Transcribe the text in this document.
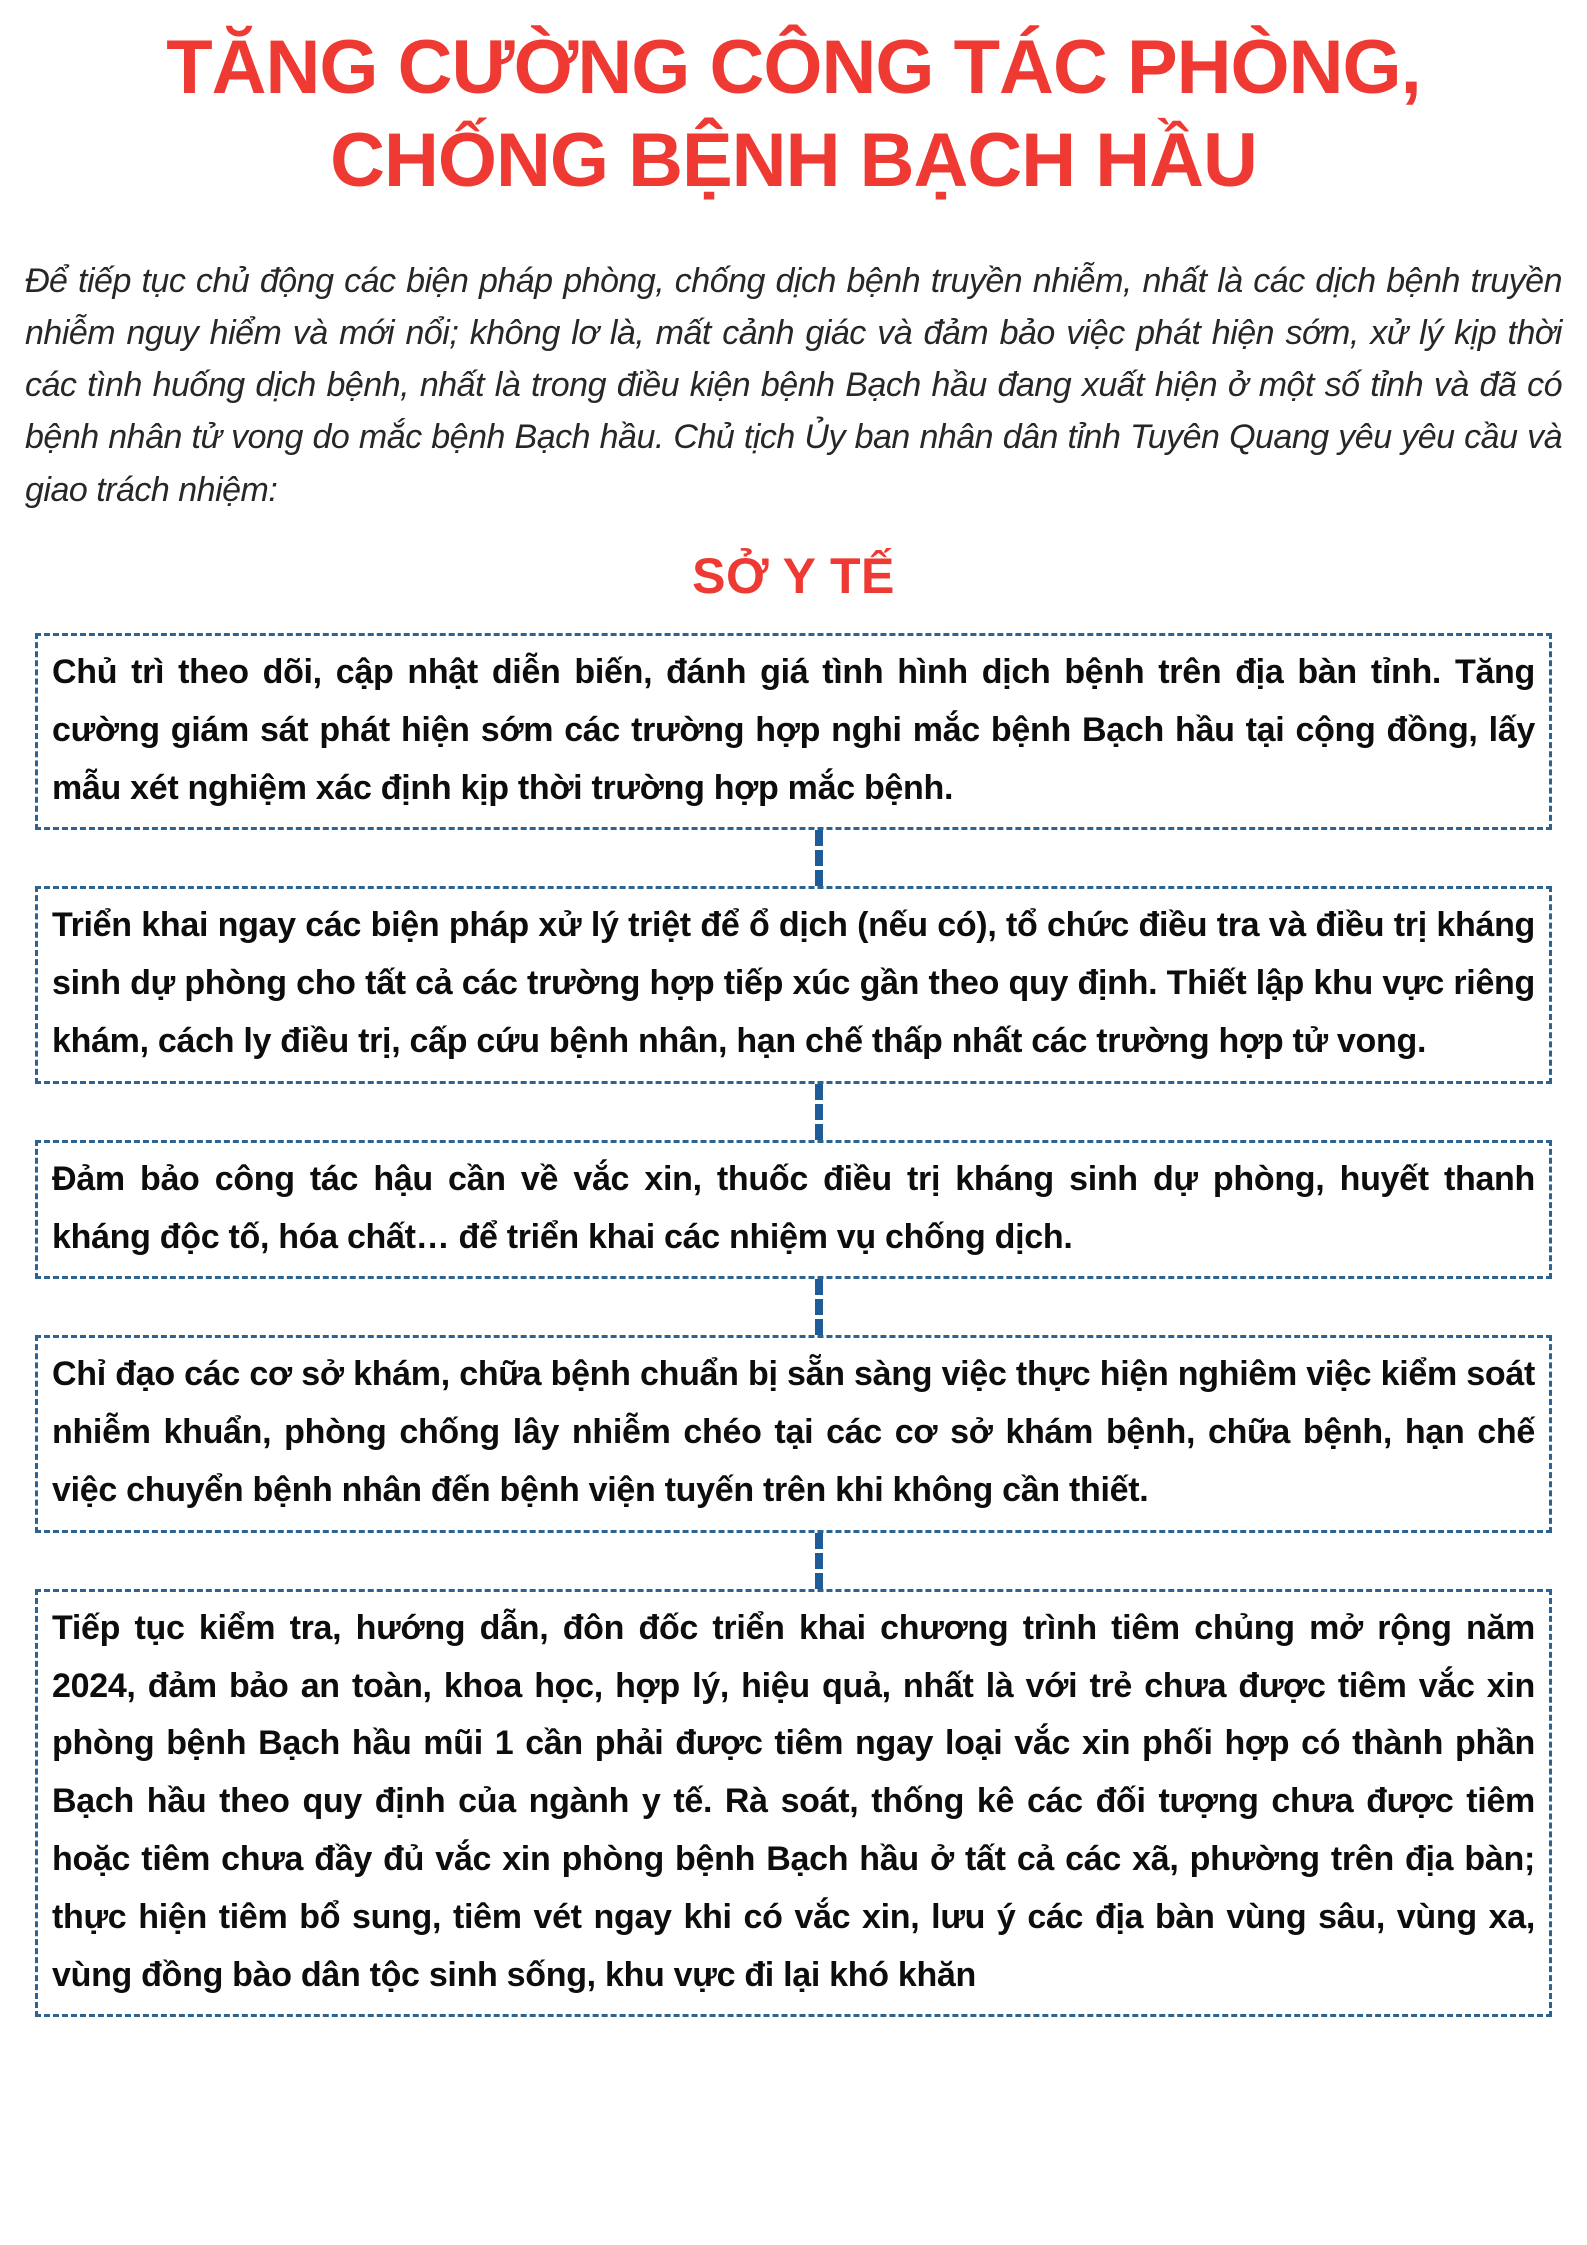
TĂNG CƯỜNG CÔNG TÁC PHÒNG, CHỐNG BỆNH BẠCH HẦU

Để tiếp tục chủ động các biện pháp phòng, chống dịch bệnh truyền nhiễm, nhất là các dịch bệnh truyền nhiễm nguy hiểm và mới nổi; không lơ là, mất cảnh giác và đảm bảo việc phát hiện sớm, xử lý kịp thời các tình huống dịch bệnh, nhất là trong điều kiện bệnh Bạch hầu đang xuất hiện ở một số tỉnh và đã có bệnh nhân tử vong do mắc bệnh Bạch hầu. Chủ tịch Ủy ban nhân dân tỉnh Tuyên Quang yêu yêu cầu và giao trách nhiệm:

SỞ Y TẾ
Chủ trì theo dõi, cập nhật diễn biến, đánh giá tình hình dịch bệnh trên địa bàn tỉnh. Tăng cường giám sát phát hiện sớm các trường hợp nghi mắc bệnh Bạch hầu tại cộng đồng, lấy mẫu xét nghiệm xác định kịp thời trường hợp mắc bệnh.
Triển khai ngay các biện pháp xử lý triệt để ổ dịch (nếu có), tổ chức điều tra và điều trị kháng sinh dự phòng cho tất cả các trường hợp tiếp xúc gần theo quy định. Thiết lập khu vực riêng khám, cách ly điều trị, cấp cứu bệnh nhân, hạn chế thấp nhất các trường hợp tử vong.
Đảm bảo công tác hậu cần về vắc xin, thuốc điều trị kháng sinh dự phòng, huyết thanh kháng độc tố, hóa chất… để triển khai các nhiệm vụ chống dịch.
Chỉ đạo các cơ sở khám, chữa bệnh chuẩn bị sẵn sàng việc thực hiện nghiêm việc kiểm soát nhiễm khuẩn, phòng chống lây nhiễm chéo tại các cơ sở khám bệnh, chữa bệnh, hạn chế việc chuyển bệnh nhân đến bệnh viện tuyến trên khi không cần thiết.
Tiếp tục kiểm tra, hướng dẫn, đôn đốc triển khai chương trình tiêm chủng mở rộng năm 2024, đảm bảo an toàn, khoa học, hợp lý, hiệu quả, nhất là với trẻ chưa được tiêm vắc xin phòng bệnh Bạch hầu mũi 1 cần phải được tiêm ngay loại vắc xin phối hợp có thành phần Bạch hầu theo quy định của ngành y tế. Rà soát, thống kê các đối tượng chưa được tiêm hoặc tiêm chưa đầy đủ vắc xin phòng bệnh Bạch hầu ở tất cả các xã, phường trên địa bàn; thực hiện tiêm bổ sung, tiêm vét ngay khi có vắc xin, lưu ý các địa bàn vùng sâu, vùng xa, vùng đồng bào dân tộc sinh sống, khu vực đi lại khó khăn
